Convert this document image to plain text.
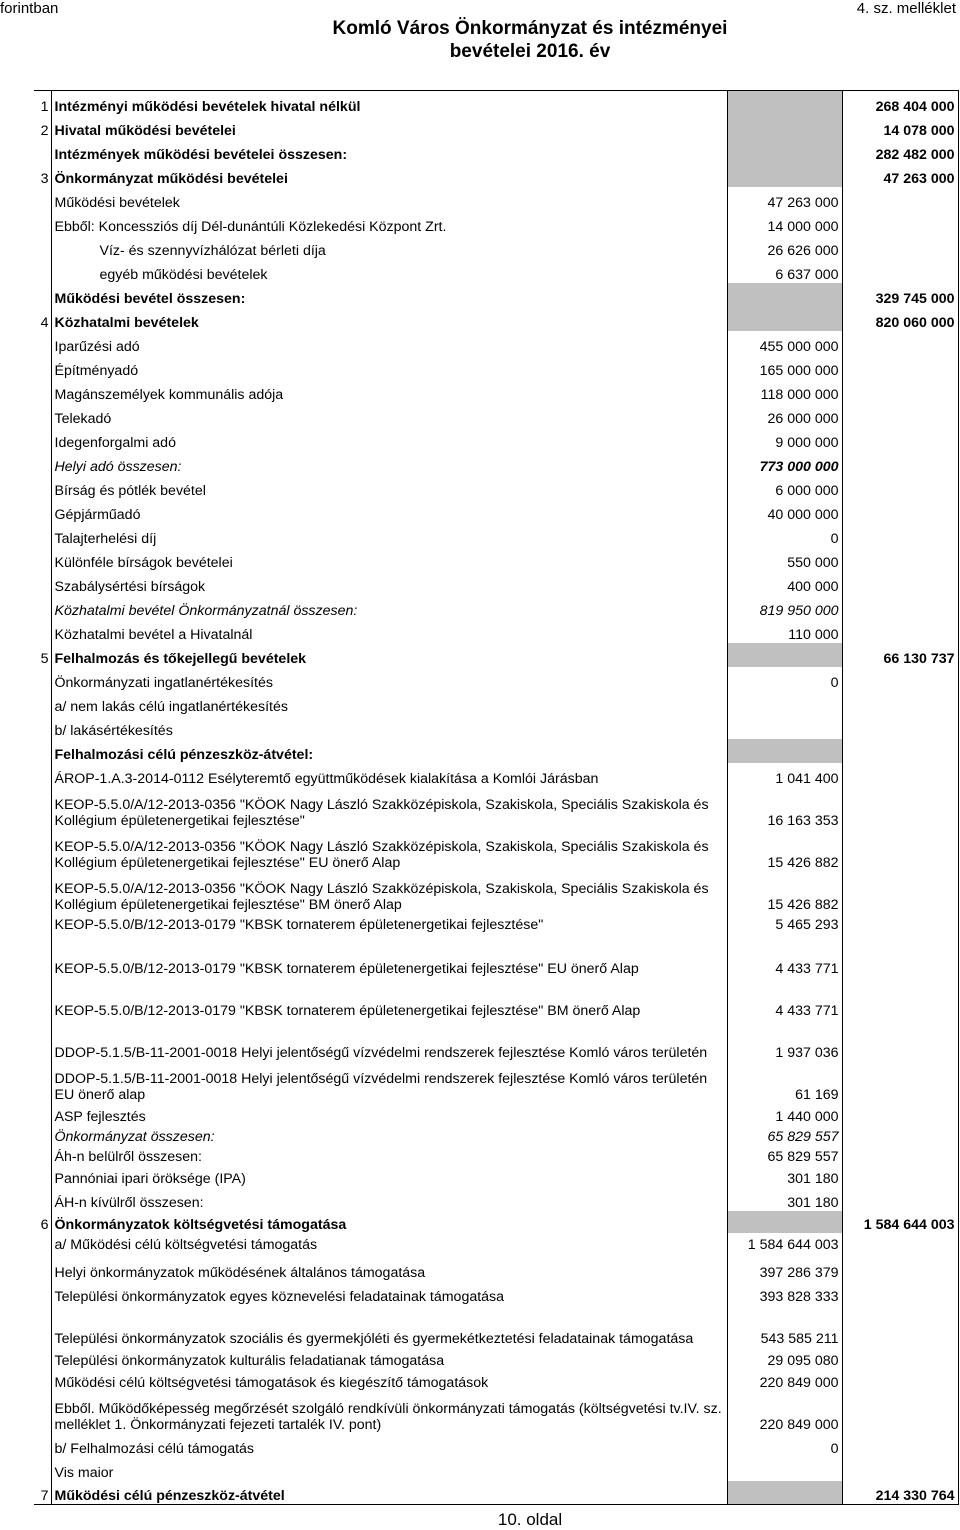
forintban	4. sz. melléklet
Komló Város Önkormányzat és intézményei
bevételei 2016. év
1	Intézményi működési bevételek hivatal nélkül		268 404 000
2	Hivatal működési bevételei		14 078 000
	Intézmények működési bevételei összesen:		282 482 000
3	Önkormányzat működési bevételei		47 263 000
	Működési bevételek	47 263 000	
	Ebből: Koncessziós díj Dél-dunántúli Közlekedési Központ Zrt.	14 000 000	
	Víz- és szennyvízhálózat bérleti díja	26 626 000	
	egyéb működési bevételek	6 637 000	
	Működési bevétel összesen:		329 745 000
4	Közhatalmi bevételek		820 060 000
	Iparűzési adó	455 000 000	
	Építményadó	165 000 000	
	Magánszemélyek kommunális adója	118 000 000	
	Telekadó	26 000 000	
	Idegenforgalmi adó	9 000 000	
	Helyi adó összesen:	773 000 000	
	Bírság és pótlék bevétel	6 000 000	
	Gépjárműadó	40 000 000	
	Talajterhelési díj	0	
	Különféle bírságok bevételei	550 000	
	Szabálysértési bírságok	400 000	
	Közhatalmi bevétel Önkormányzatnál összesen:	819 950 000	
	Közhatalmi bevétel a Hivatalnál	110 000	
5	Felhalmozás és tőkejellegű bevételek		66 130 737
	Önkormányzati ingatlanértékesítés	0	
	a/ nem lakás célú ingatlanértékesítés		
	b/ lakásértékesítés		
	Felhalmozási célú pénzeszköz-átvétel:		
	ÁROP-1.A.3-2014-0112 Esélyteremtő együttműködések kialakítása a Komlói Járásban	1 041 400	
	KEOP-5.5.0/A/12-2013-0356 "KÖOK Nagy László Szakközépiskola, Szakiskola, Speciális Szakiskola és Kollégium épületenergetikai fejlesztése"	16 163 353	
	KEOP-5.5.0/A/12-2013-0356 "KÖOK Nagy László Szakközépiskola, Szakiskola, Speciális Szakiskola és Kollégium épületenergetikai fejlesztése" EU önerő Alap	15 426 882	
	KEOP-5.5.0/A/12-2013-0356 "KÖOK Nagy László Szakközépiskola, Szakiskola, Speciális Szakiskola és Kollégium épületenergetikai fejlesztése" BM önerő Alap	15 426 882	
	KEOP-5.5.0/B/12-2013-0179 "KBSK tornaterem épületenergetikai fejlesztése"	5 465 293	
	KEOP-5.5.0/B/12-2013-0179 "KBSK tornaterem épületenergetikai fejlesztése" EU önerő Alap	4 433 771	
	KEOP-5.5.0/B/12-2013-0179 "KBSK tornaterem épületenergetikai fejlesztése" BM önerő Alap	4 433 771	
	DDOP-5.1.5/B-11-2001-0018 Helyi jelentőségű vízvédelmi rendszerek fejlesztése Komló város területén	1 937 036	
	DDOP-5.1.5/B-11-2001-0018 Helyi jelentőségű vízvédelmi rendszerek fejlesztése Komló város területén EU önerő alap	61 169	
	ASP fejlesztés	1 440 000	
	Önkormányzat összesen:	65 829 557	
	Áh-n belülről összesen:	65 829 557	
	Pannóniai ipari öröksége (IPA)	301 180	
	ÁH-n kívülről összesen:	301 180	
6	Önkormányzatok költségvetési támogatása		1 584 644 003
	a/ Működési célú költségvetési támogatás	1 584 644 003	
	Helyi önkormányzatok működésének általános támogatása	397 286 379	
	Települési önkormányzatok egyes köznevelési feladatainak támogatása	393 828 333	
	Települési önkormányzatok szociális és gyermekjóléti és gyermekétkeztetési feladatainak támogatása	543 585 211	
	Települési önkormányzatok kulturális feladatianak támogatása	29 095 080	
	Működési célú költségvetési támogatások és kiegészítő támogatások	220 849 000	
	Ebből. Működőképesség megőrzését szolgáló rendkívüli önkormányzati támogatás (költségvetési tv.IV. sz. melléklet 1. Önkormányzati fejezeti tartalék IV. pont)	220 849 000	
	b/ Felhalmozási célú támogatás	0	
	Vis maior		
7	Működési célú pénzeszköz-átvétel		214 330 764
10. oldal
